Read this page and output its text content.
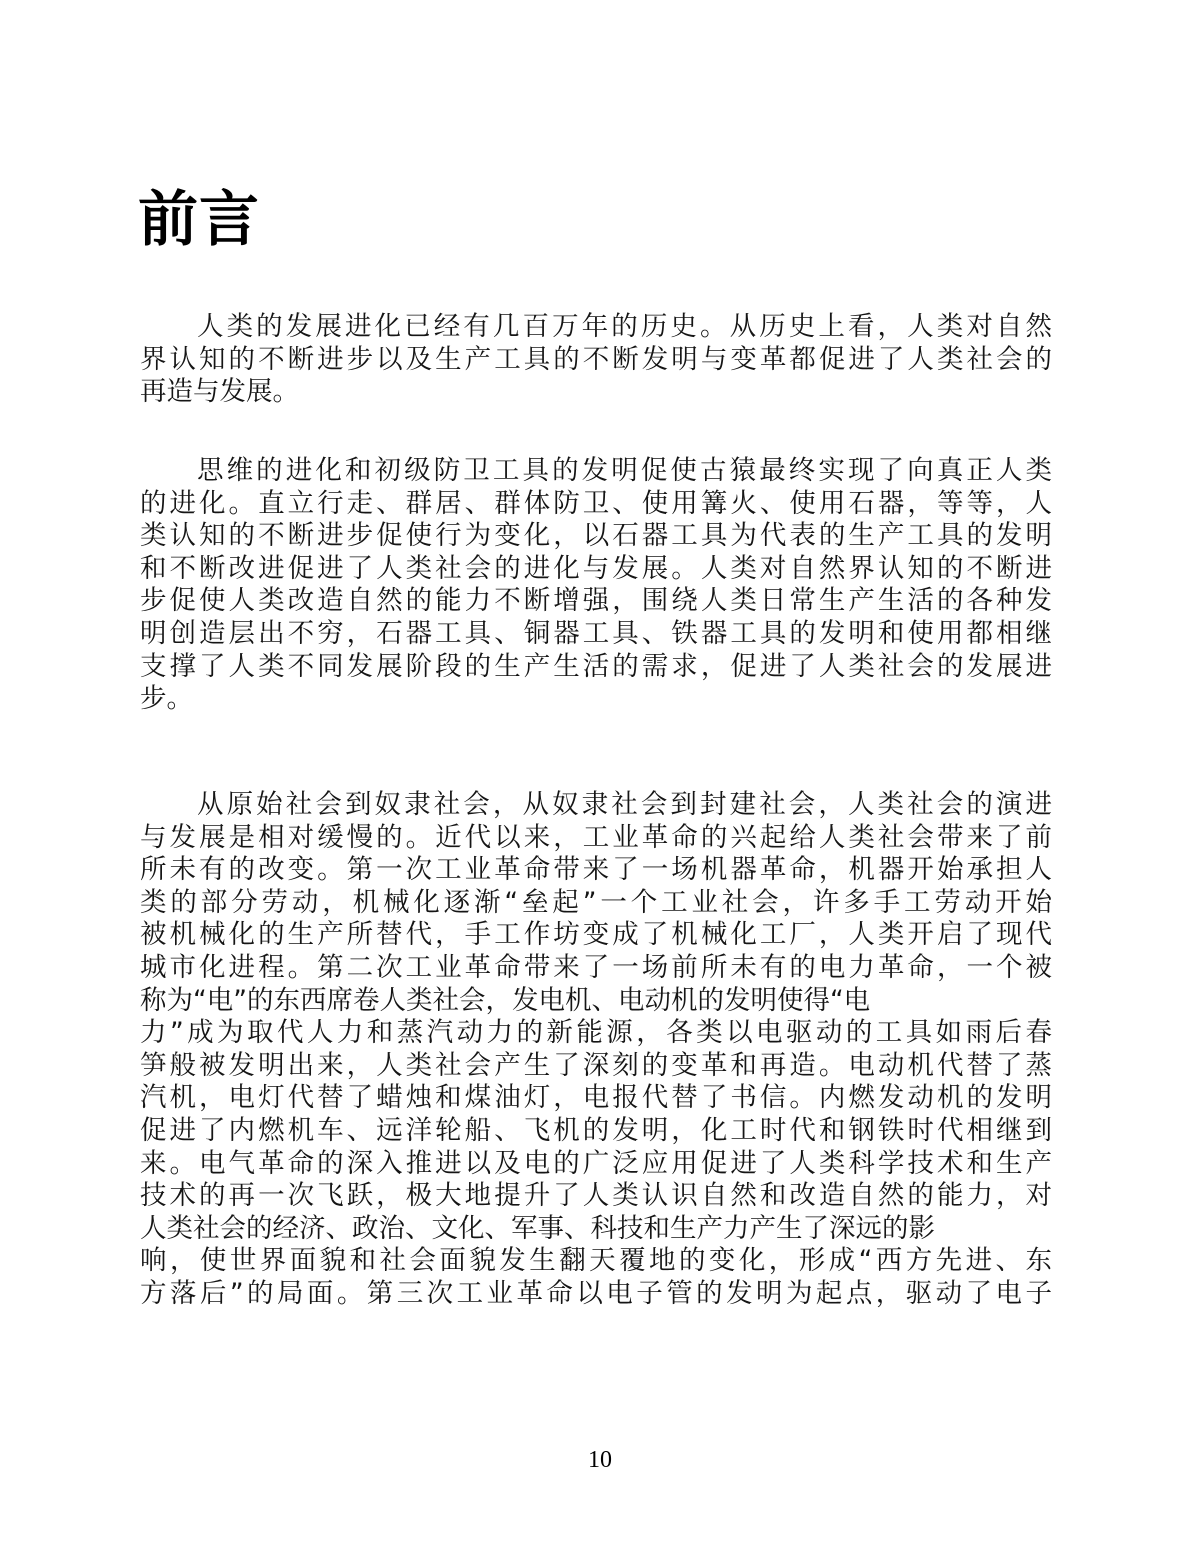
前言
人类的发展进化已经有几百万年的历史。从历史上看，人类对自然
界认知的不断进步以及生产工具的不断发明与变革都促进了人类社会的
再造与发展。
思维的进化和初级防卫工具的发明促使古猿最终实现了向真正人类
的进化。直立行走、群居、群体防卫、使用篝火、使用石器，等等，人
类认知的不断进步促使行为变化，以石器工具为代表的生产工具的发明
和不断改进促进了人类社会的进化与发展。人类对自然界认知的不断进
步促使人类改造自然的能力不断增强，围绕人类日常生产生活的各种发
明创造层出不穷，石器工具、铜器工具、铁器工具的发明和使用都相继
支撑了人类不同发展阶段的生产生活的需求，促进了人类社会的发展进
步。
从原始社会到奴隶社会，从奴隶社会到封建社会，人类社会的演进
与发展是相对缓慢的。近代以来，工业革命的兴起给人类社会带来了前
所未有的改变。第一次工业革命带来了一场机器革命，机器开始承担人
类的部分劳动，机械化逐渐“垒起”一个工业社会，许多手工劳动开始
被机械化的生产所替代，手工作坊变成了机械化工厂，人类开启了现代
城市化进程。第二次工业革命带来了一场前所未有的电力革命，一个被
称为“电”的东西席卷人类社会，发电机、电动机的发明使得“电
力”成为取代人力和蒸汽动力的新能源，各类以电驱动的工具如雨后春
笋般被发明出来，人类社会产生了深刻的变革和再造。电动机代替了蒸
汽机，电灯代替了蜡烛和煤油灯，电报代替了书信。内燃发动机的发明
促进了内燃机车、远洋轮船、飞机的发明，化工时代和钢铁时代相继到
来。电气革命的深入推进以及电的广泛应用促进了人类科学技术和生产
技术的再一次飞跃，极大地提升了人类认识自然和改造自然的能力，对
人类社会的经济、政治、文化、军事、科技和生产力产生了深远的影
响，使世界面貌和社会面貌发生翻天覆地的变化，形成“西方先进、东
方落后”的局面。第三次工业革命以电子管的发明为起点，驱动了电子
10
